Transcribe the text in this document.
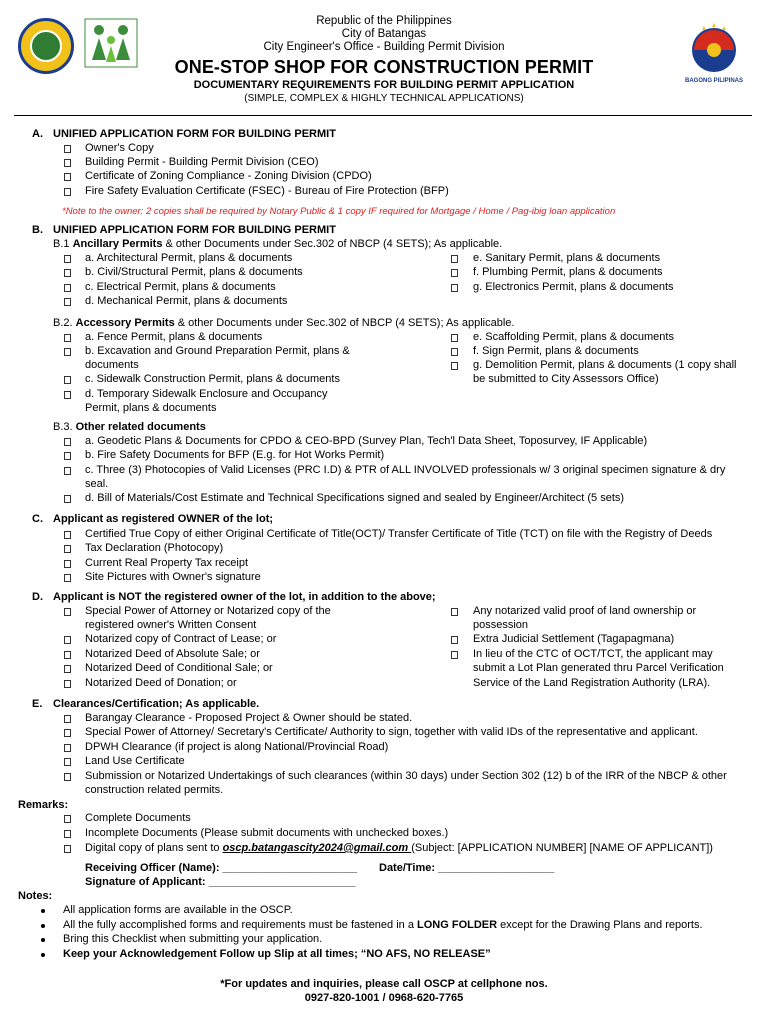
BAGONG PILIPINAS
Republic of the Philippines
City of Batangas
City Engineer's Office - Building Permit Division
ONE-STOP SHOP FOR CONSTRUCTION PERMIT
DOCUMENTARY REQUIREMENTS FOR BUILDING PERMIT APPLICATION
(SIMPLE, COMPLEX & HIGHLY TECHNICAL APPLICATIONS)
A. UNIFIED APPLICATION FORM FOR BUILDING PERMIT
Owner's Copy
Building Permit - Building Permit Division (CEO)
Certificate of Zoning Compliance - Zoning Division (CPDO)
Fire Safety Evaluation Certificate (FSEC) - Bureau of Fire Protection (BFP)
*Note to the owner: 2 copies shall be required by Notary Public & 1 copy IF required for Mortgage / Home / Pag-ibig loan application
B. UNIFIED APPLICATION FORM FOR BUILDING PERMIT
B.1 Ancillary Permits & other Documents under Sec.302 of NBCP (4 SETS); As applicable.
a. Architectural Permit, plans & documents
b. Civil/Structural Permit, plans & documents
c. Electrical Permit, plans & documents
d. Mechanical Permit, plans & documents
e. Sanitary Permit, plans & documents
f. Plumbing Permit, plans & documents
g. Electronics Permit, plans & documents
B.2. Accessory Permits & other Documents under Sec.302 of NBCP (4 SETS); As applicable.
a. Fence Permit, plans & documents
b. Excavation and Ground Preparation Permit, plans &
documents
c. Sidewalk Construction Permit, plans & documents
d. Temporary Sidewalk Enclosure and Occupancy
Permit, plans & documents
e. Scaffolding Permit, plans & documents
f. Sign Permit, plans & documents
g. Demolition Permit, plans & documents (1 copy shall
be submitted to City Assessors Office)
B.3. Other related documents
a. Geodetic Plans & Documents for CPDO & CEO-BPD (Survey Plan, Tech'l Data Sheet, Toposurvey, IF Applicable)
b. Fire Safety Documents for BFP (E.g. for Hot Works Permit)
c. Three (3) Photocopies of Valid Licenses (PRC I.D) & PTR of ALL INVOLVED professionals w/ 3 original specimen signature & dry
seal.
d. Bill of Materials/Cost Estimate and Technical Specifications signed and sealed by Engineer/Architect (5 sets)
C. Applicant as registered OWNER of the lot;
Certified True Copy of either Original Certificate of Title(OCT)/ Transfer Certificate of Title (TCT) on file with the Registry of Deeds
Tax Declaration (Photocopy)
Current Real Property Tax receipt
Site Pictures with Owner's signature
D. Applicant is NOT the registered owner of the lot, in addition to the above;
Special Power of Attorney or Notarized copy of the
registered owner's Written Consent
Notarized copy of Contract of Lease; or
Notarized Deed of Absolute Sale; or
Notarized Deed of Conditional Sale; or
Notarized Deed of Donation; or
Any notarized valid proof of land ownership or
possession
Extra Judicial Settlement (Tagapagmana)
In lieu of the CTC of OCT/TCT, the applicant may
submit a Lot Plan generated thru Parcel Verification
Service of the Land Registration Authority (LRA).
E. Clearances/Certification; As applicable.
Barangay Clearance - Proposed Project & Owner should be stated.
Special Power of Attorney/ Secretary's Certificate/ Authority to sign, together with valid IDs of the representative and applicant.
DPWH Clearance (if project is along National/Provincial Road)
Land Use Certificate
Submission or Notarized Undertakings of such clearances (within 30 days) under Section 302 (12) b of the IRR of the NBCP & other
construction related permits.
Remarks:
Complete Documents
Incomplete Documents (Please submit documents with unchecked boxes.)
Digital copy of plans sent to oscp.batangascity2024@gmail.com (Subject: [APPLICATION NUMBER] [NAME OF APPLICANT])
Receiving Officer (Name): ______________________ Date/Time: ___________________
Signature of Applicant: ________________________
Notes:
All application forms are available in the OSCP.
All the fully accomplished forms and requirements must be fastened in a LONG FOLDER except for the Drawing Plans and reports.
Bring this Checklist when submitting your application.
Keep your Acknowledgement Follow up Slip at all times; “NO AFS, NO RELEASE”
*For updates and inquiries, please call OSCP at cellphone nos.
0927-820-1001 / 0968-620-7765
